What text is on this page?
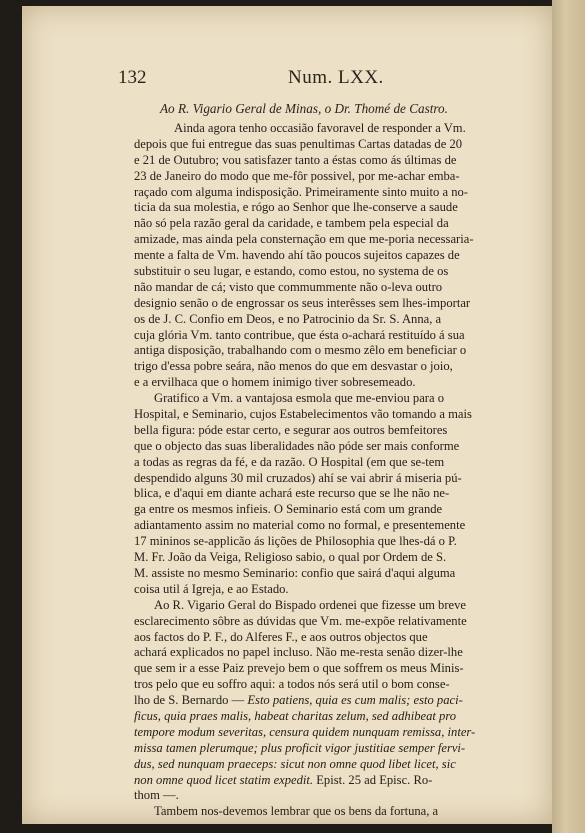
132	Num. LXX.
Ao R. Vigario Geral de Minas, o Dr. Thomé de Castro.
Ainda agora tenho occasião favoravel de responder a Vm.
depois que fui entregue das suas penultimas Cartas datadas de 20
e 21 de Outubro; vou satisfazer tanto a éstas como ás últimas de
23 de Janeiro do modo que me-fôr possivel, por me-achar emba-
raçado com alguma indisposição. Primeiramente sinto muito a no-
ticia da sua molestia, e rógo ao Senhor que lhe-conserve a saude
não só pela razão geral da caridade, e tambem pela especial da
amizade, mas ainda pela consternação em que me-poria necessaria-
mente a falta de Vm. havendo ahí tão poucos sujeitos capazes de
substituir o seu lugar, e estando, como estou, no systema de os
não mandar de cá; visto que commummente não o-leva outro
designio senão o de engrossar os seus interêsses sem lhes-importar
os de J. C. Confio em Deos, e no Patrocinio da Sr. S. Anna, a
cuja glória Vm. tanto contribue, que ésta o-achará restituído á sua
antiga disposição, trabalhando com o mesmo zêlo em beneficiar o
trigo d'essa pobre seára, não menos do que em desvastar o joio,
e a ervilhaca que o homem inimigo tiver sobresemeado.
Gratifico a Vm. a vantajosa esmola que me-enviou para o
Hospital, e Seminario, cujos Estabelecimentos vão tomando a mais
bella figura: póde estar certo, e segurar aos outros bemfeitores
que o objecto das suas liberalidades não póde ser mais conforme
a todas as regras da fé, e da razão. O Hospital (em que se-tem
despendido alguns 30 mil cruzados) ahí se vai abrir á miseria pú-
blica, e d'aqui em diante achará este recurso que se lhe não ne-
ga entre os mesmos infieis. O Seminario está com um grande
adiantamento assim no material como no formal, e presentemente
17 mininos se-applicão ás lições de Philosophia que lhes-dá o P.
M. Fr. João da Veiga, Religioso sabio, o qual por Ordem de S.
M. assiste no mesmo Seminario: confio que sairá d'aqui alguma
coisa util á Igreja, e ao Estado.
Ao R. Vigario Geral do Bispado ordenei que fizesse um breve
esclarecimento sôbre as dúvidas que Vm. me-expõe relativamente
aos factos do P. F., do Alferes F., e aos outros objectos que
achará explicados no papel incluso. Não me-resta senão dizer-lhe
que sem ir a esse Paiz prevejo bem o que soffrem os meus Minis-
tros pelo que eu soffro aqui: a todos nós será util o bom conse-
lho de S. Bernardo — Esto patiens, quia es cum malis; esto paci-
ficus, quia praes malis, habeat charitas zelum, sed adhibeat pro
tempore modum severitas, censura quidem nunquam remissa, inter-
missa tamen plerumque; plus proficit vigor justitiae semper fervi-
dus, sed nunquam praeceps: sicut non omne quod libet licet, sic
non omne quod licet statim expedit. Epist. 25 ad Episc. Ro-
thom —.
Tambem nos-devemos lembrar que os bens da fortuna, a
